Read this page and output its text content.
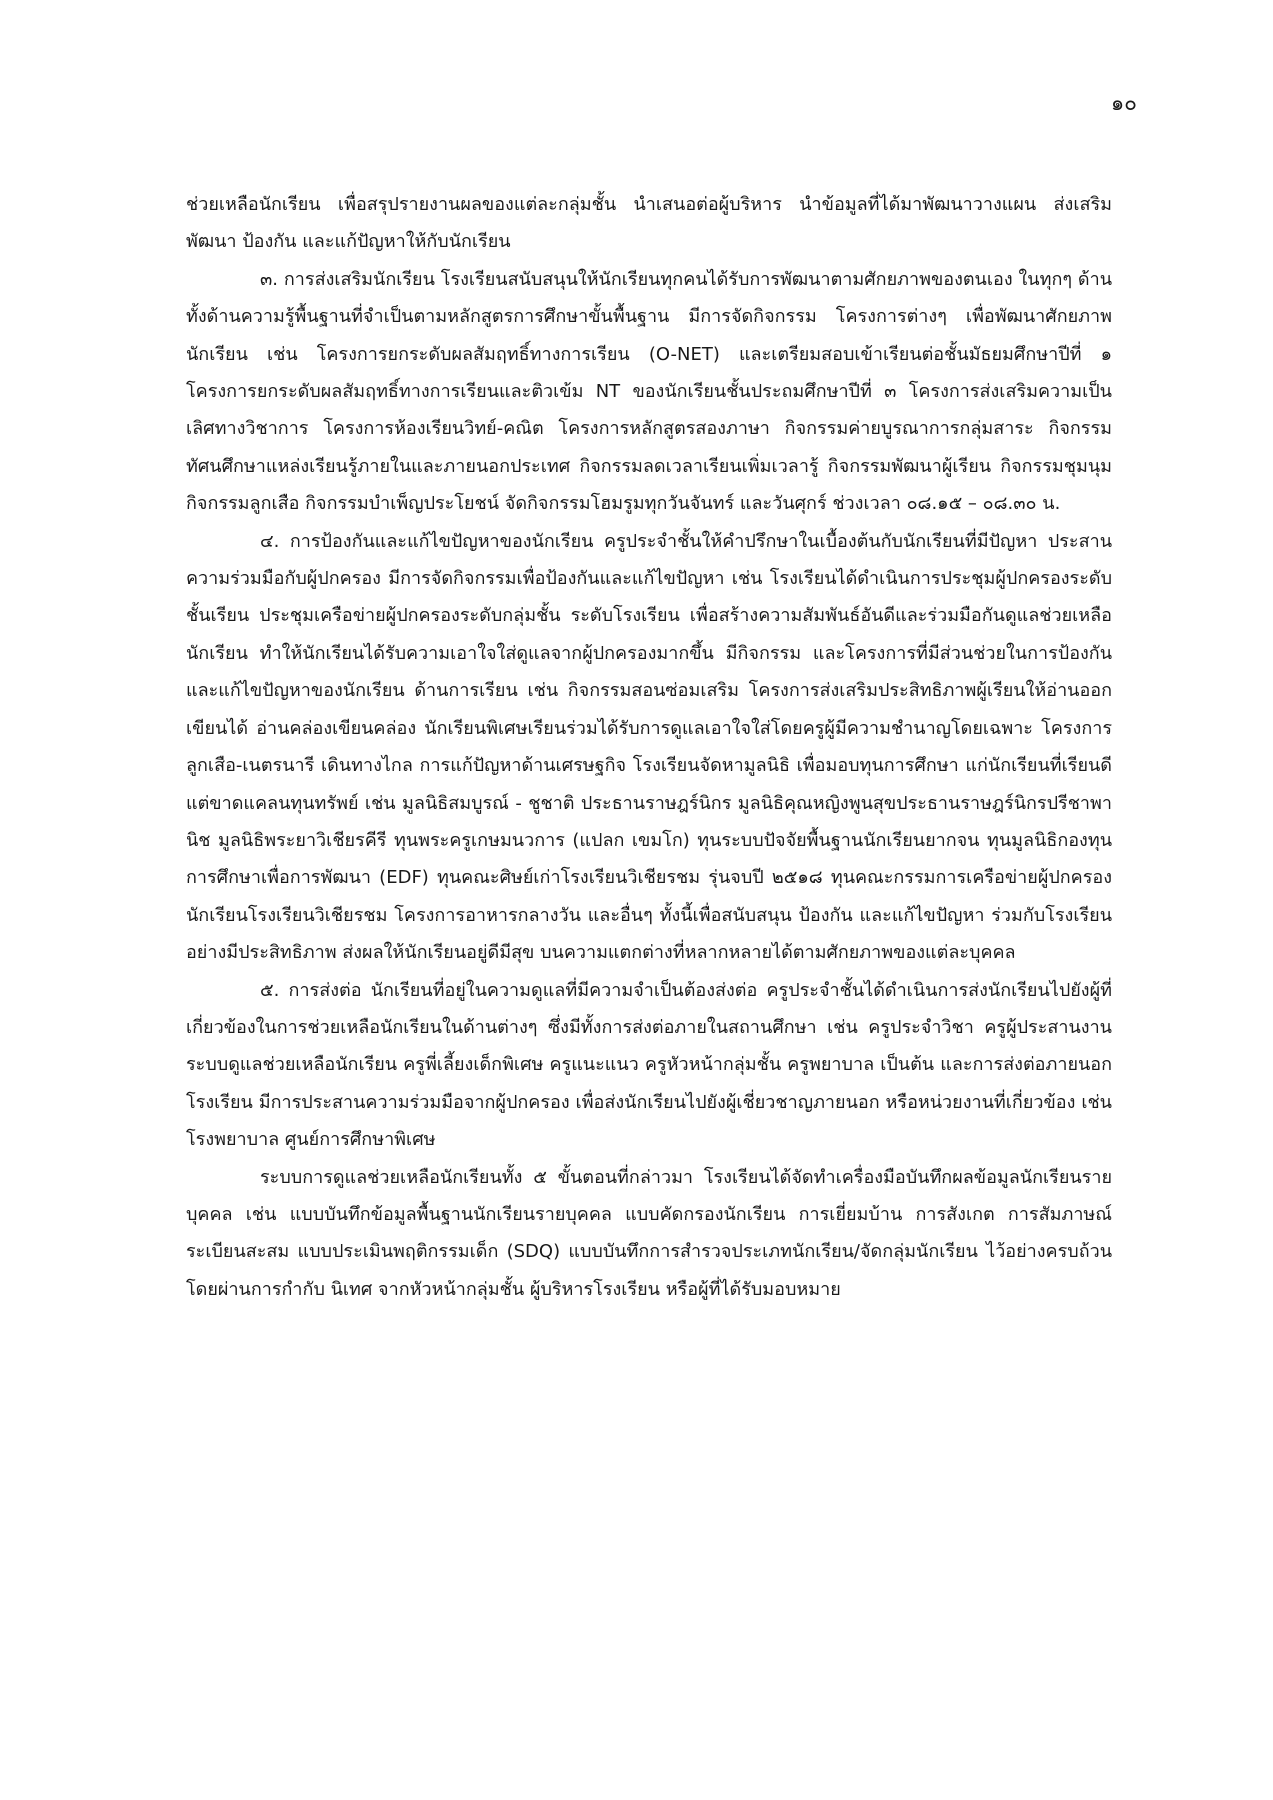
๑๐

ช่วยเหลือนักเรียน เพื่อสรุปรายงานผลของแต่ละกลุ่มชั้น นำเสนอต่อผู้บริหาร นำข้อมูลที่ได้มาพัฒนาวางแผน ส่งเสริม พัฒนา ป้องกัน และแก้ปัญหาให้กับนักเรียน

๓. การส่งเสริมนักเรียน โรงเรียนสนับสนุนให้นักเรียนทุกคนได้รับการพัฒนาตามศักยภาพของตนเอง ในทุกๆ ด้าน ทั้งด้านความรู้พื้นฐานที่จำเป็นตามหลักสูตรการศึกษาขั้นพื้นฐาน มีการจัดกิจกรรม โครงการต่างๆ เพื่อพัฒนาศักยภาพนักเรียน เช่น โครงการยกระดับผลสัมฤทธิ์ทางการเรียน (O-NET) และเตรียมสอบเข้าเรียนต่อชั้นมัธยมศึกษาปีที่ ๑ โครงการยกระดับผลสัมฤทธิ์ทางการเรียนและติวเข้ม NT ของนักเรียนชั้นประถมศึกษาปีที่ ๓ โครงการส่งเสริมความเป็นเลิศทางวิชาการ โครงการห้องเรียนวิทย์-คณิต โครงการหลักสูตรสองภาษา กิจกรรมค่ายบูรณาการกลุ่มสาระ กิจกรรมทัศนศึกษาแหล่งเรียนรู้ภายในและภายนอกประเทศ กิจกรรมลดเวลาเรียนเพิ่มเวลารู้ กิจกรรมพัฒนาผู้เรียน กิจกรรมชุมนุม กิจกรรมลูกเสือ กิจกรรมบำเพ็ญประโยชน์ จัดกิจกรรมโฮมรูมทุกวันจันทร์ และวันศุกร์ ช่วงเวลา ๐๘.๑๕ – ๐๘.๓๐ น.

๔. การป้องกันและแก้ไขปัญหาของนักเรียน ครูประจำชั้นให้คำปรึกษาในเบื้องต้นกับนักเรียนที่มีปัญหา ประสานความร่วมมือกับผู้ปกครอง มีการจัดกิจกรรมเพื่อป้องกันและแก้ไขปัญหา เช่น โรงเรียนได้ดำเนินการประชุมผู้ปกครองระดับชั้นเรียน ประชุมเครือข่ายผู้ปกครองระดับกลุ่มชั้น ระดับโรงเรียน เพื่อสร้างความสัมพันธ์อันดีและร่วมมือกันดูแลช่วยเหลือนักเรียน ทำให้นักเรียนได้รับความเอาใจใส่ดูแลจากผู้ปกครองมากขึ้น มีกิจกรรม และโครงการที่มีส่วนช่วยในการป้องกัน และแก้ไขปัญหาของนักเรียน ด้านการเรียน เช่น กิจกรรมสอนซ่อมเสริม โครงการส่งเสริมประสิทธิภาพผู้เรียนให้อ่านออกเขียนได้ อ่านคล่องเขียนคล่อง นักเรียนพิเศษเรียนร่วมได้รับการดูแลเอาใจใส่โดยครูผู้มีความชำนาญโดยเฉพาะ โครงการลูกเสือ-เนตรนารี เดินทางไกล การแก้ปัญหาด้านเศรษฐกิจ โรงเรียนจัดหามูลนิธิ เพื่อมอบทุนการศึกษา แก่นักเรียนที่เรียนดีแต่ขาดแคลนทุนทรัพย์ เช่น มูลนิธิสมบูรณ์ - ชูชาติ ประธานราษฎร์นิกร มูลนิธิคุณหญิงพูนสุขประธานราษฎร์นิกรปรีชาพานิช มูลนิธิพระยาวิเชียรคีรี ทุนพระครูเกษมนวการ (แปลก เขมโก) ทุนระบบปัจจัยพื้นฐานนักเรียนยากจน ทุนมูลนิธิกองทุนการศึกษาเพื่อการพัฒนา (EDF) ทุนคณะศิษย์เก่าโรงเรียนวิเชียรชม รุ่นจบปี ๒๕๑๘ ทุนคณะกรรมการเครือข่ายผู้ปกครองนักเรียนโรงเรียนวิเชียรชม โครงการอาหารกลางวัน และอื่นๆ ทั้งนี้เพื่อสนับสนุน ป้องกัน และแก้ไขปัญหา ร่วมกับโรงเรียนอย่างมีประสิทธิภาพ ส่งผลให้นักเรียนอยู่ดีมีสุข บนความแตกต่างที่หลากหลายได้ตามศักยภาพของแต่ละบุคคล

๕. การส่งต่อ นักเรียนที่อยู่ในความดูแลที่มีความจำเป็นต้องส่งต่อ ครูประจำชั้นได้ดำเนินการส่งนักเรียนไปยังผู้ที่เกี่ยวข้องในการช่วยเหลือนักเรียนในด้านต่างๆ ซึ่งมีทั้งการส่งต่อภายในสถานศึกษา เช่น ครูประจำวิชา ครูผู้ประสานงานระบบดูแลช่วยเหลือนักเรียน ครูพี่เลี้ยงเด็กพิเศษ ครูแนะแนว ครูหัวหน้ากลุ่มชั้น ครูพยาบาล เป็นต้น และการส่งต่อภายนอกโรงเรียน มีการประสานความร่วมมือจากผู้ปกครอง เพื่อส่งนักเรียนไปยังผู้เชี่ยวชาญภายนอก หรือหน่วยงานที่เกี่ยวข้อง เช่น โรงพยาบาล ศูนย์การศึกษาพิเศษ

ระบบการดูแลช่วยเหลือนักเรียนทั้ง ๕ ขั้นตอนที่กล่าวมา โรงเรียนได้จัดทำเครื่องมือบันทึกผลข้อมูลนักเรียนรายบุคคล เช่น แบบบันทึกข้อมูลพื้นฐานนักเรียนรายบุคคล แบบคัดกรองนักเรียน การเยี่ยมบ้าน การสังเกต การสัมภาษณ์ ระเบียนสะสม แบบประเมินพฤติกรรมเด็ก (SDQ) แบบบันทึกการสำรวจประเภทนักเรียน/จัดกลุ่มนักเรียน ไว้อย่างครบถ้วน โดยผ่านการกำกับ นิเทศ จากหัวหน้ากลุ่มชั้น ผู้บริหารโรงเรียน หรือผู้ที่ได้รับมอบหมาย
